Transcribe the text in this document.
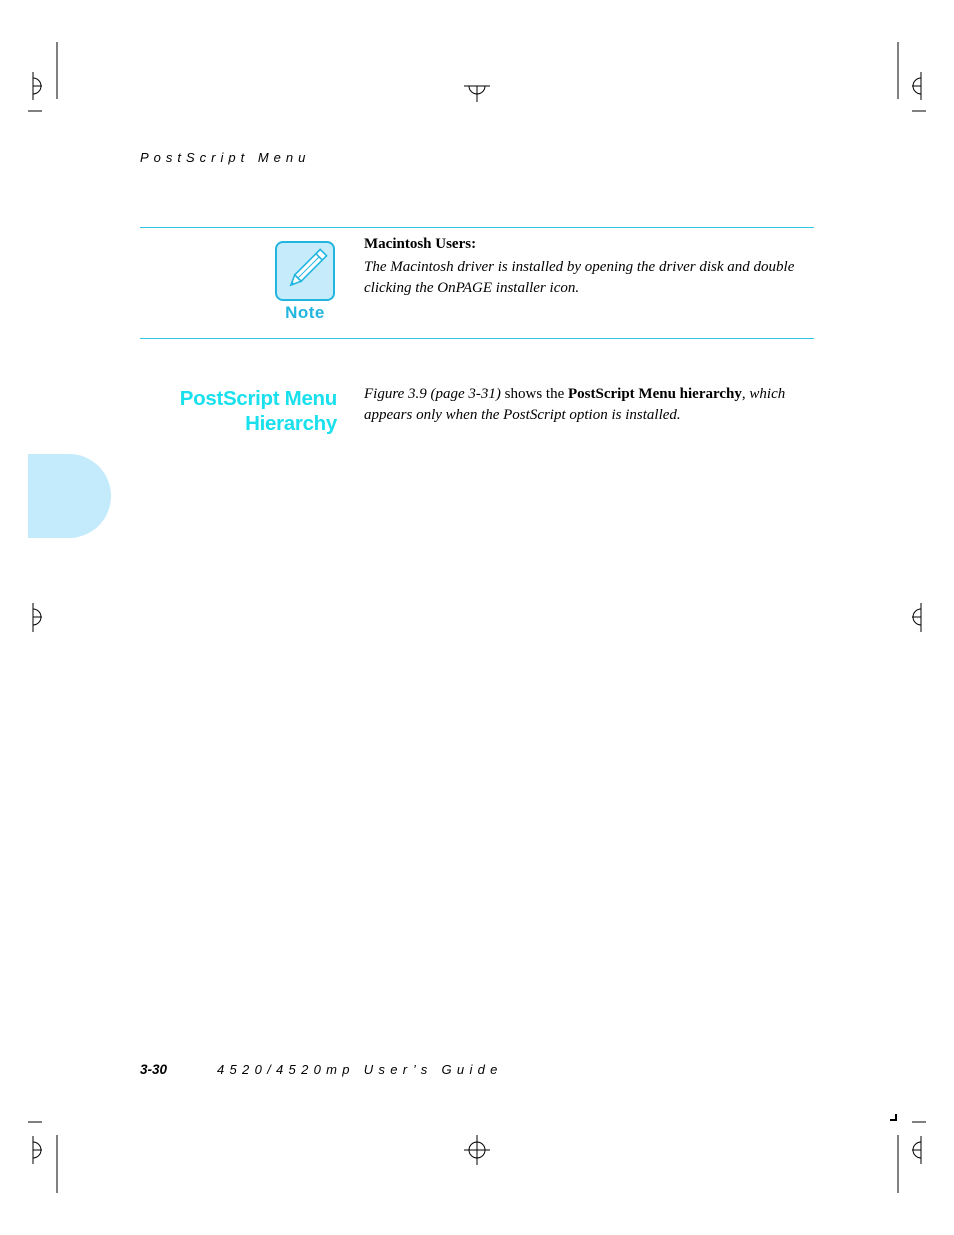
PostScript Menu
Note
Macintosh Users:
The Macintosh driver is installed by opening the driver disk and double clicking the OnPAGE installer icon.
PostScript Menu
Hierarchy
Figure 3.9 (page 3-31) shows the PostScript Menu hierarchy, which appears only when the PostScript option is installed.
3-30	4520/4520mp User’s Guide
